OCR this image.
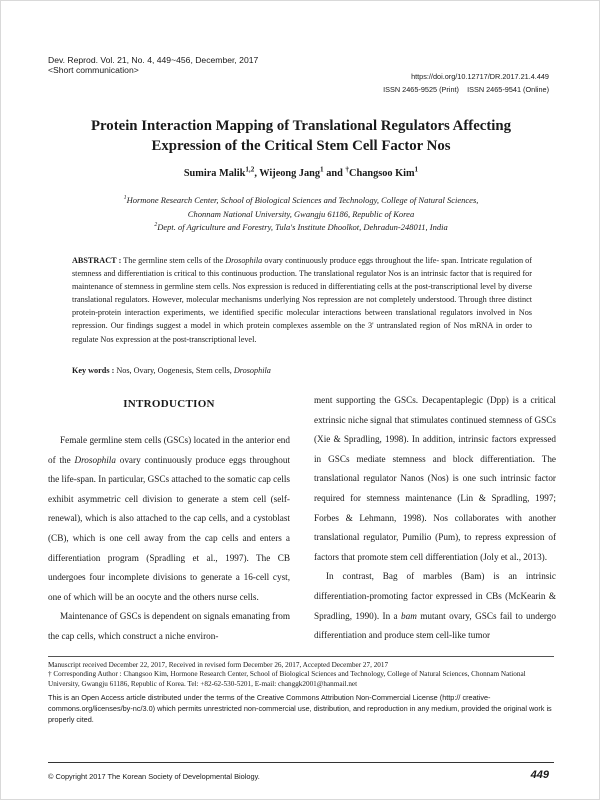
Dev. Reprod. Vol. 21, No. 4, 449~456, December, 2017
<Short communication>
https://doi.org/10.12717/DR.2017.21.4.449
ISSN 2465-9525 (Print)    ISSN 2465-9541 (Online)
Protein Interaction Mapping of Translational Regulators Affecting
Expression of the Critical Stem Cell Factor Nos
Sumira Malik$^{1,2}$, Wijeong Jang$^1$ and †Changsoo Kim$^1$
$^1$Hormone Research Center, School of Biological Sciences and Technology, College of Natural Sciences,
Chonnam National University, Gwangju 61186, Republic of Korea
$^2$Dept. of Agriculture and Forestry, Tula's Institute Dhoolkot, Dehradun-248011, India
ABSTRACT : The germline stem cells of the Drosophila ovary continuously produce eggs throughout the life- span. Intricate regulation of stemness and differentiation is critical to this continuous production. The translational regulator Nos is an intrinsic factor that is required for maintenance of stemness in germline stem cells. Nos expression is reduced in differentiating cells at the post-transcriptional level by diverse translational regulators. However, molecular mechanisms underlying Nos repression are not completely understood. Through three distinct protein-protein interaction experiments, we identified specific molecular interactions between translational regulators involved in Nos repression. Our findings suggest a model in which protein complexes assemble on the 3' untranslated region of Nos mRNA in order to regulate Nos expression at the post-transcriptional level.
Key words : Nos, Ovary, Oogenesis, Stem cells, Drosophila
INTRODUCTION

Female germline stem cells (GSCs) located in the anterior end of the Drosophila ovary continuously produce eggs throughout the life-span. In particular, GSCs attached to the somatic cap cells exhibit asymmetric cell division to generate a stem cell (self- renewal), which is also attached to the cap cells, and a cystoblast (CB), which is one cell away from the cap cells and enters a differentiation program (Spradling et al., 1997). The CB undergoes four incomplete divisions to generate a 16-cell cyst, one of which will be an oocyte and the others nurse cells.

Maintenance of GSCs is dependent on signals emanating from the cap cells, which construct a niche environ-

ment supporting the GSCs. Decapentaplegic (Dpp) is a critical extrinsic niche signal that stimulates continued stemness of GSCs (Xie & Spradling, 1998). In addition, intrinsic factors expressed in GSCs mediate stemness and block differentiation. The translational regulator Nanos (Nos) is one such intrinsic factor required for stemness maintenance (Lin & Spradling, 1997; Forbes & Lehmann, 1998). Nos collaborates with another translational regulator, Pumilio (Pum), to repress expression of factors that promote stem cell differentiation (Joly et al., 2013).

In contrast, Bag of marbles (Bam) is an intrinsic differentiation-promoting factor expressed in CBs (McKearin & Spradling, 1990). In a bam mutant ovary, GSCs fail to undergo differentiation and produce stem cell-like tumor

Manuscript received December 22, 2017, Received in revised form December 26, 2017, Accepted December 27, 2017

† Corresponding Author : Changsoo Kim, Hormone Research Center, School of Biological Sciences and Technology, College of Natural Sciences, Chonnam National University, Gwangju 61186, Republic of Korea. Tel: +82-62-530-5201, E-mail: changgk2001@hanmail.net

This is an Open Access article distributed under the terms of the Creative Commons Attribution Non-Commercial License (http:// creative-commons.org/licenses/by-nc/3.0) which permits unrestricted non-commercial use, distribution, and reproduction in any medium, provided the original work is properly cited.
© Copyright 2017 The Korean Society of Developmental Biology.	449
